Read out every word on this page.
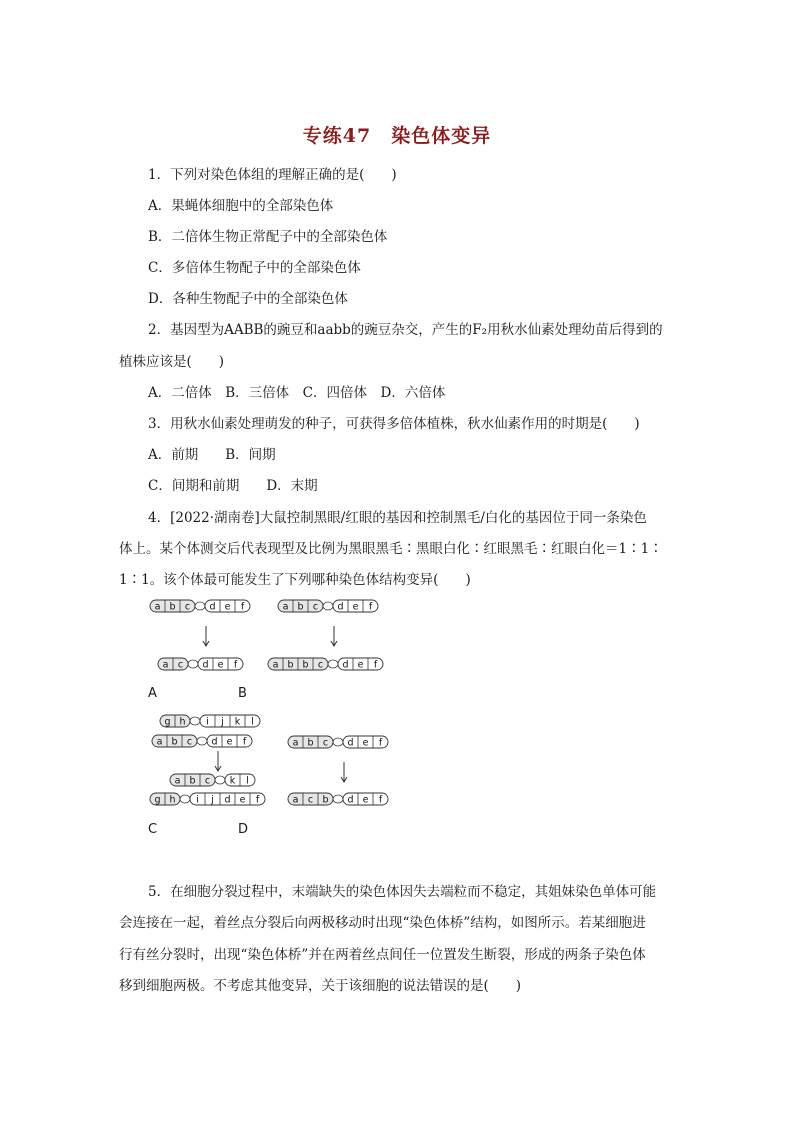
专练47　染色体变异
1．下列对染色体组的理解正确的是(　　)
A．果蝇体细胞中的全部染色体
B．二倍体生物正常配子中的全部染色体
C．多倍体生物配子中的全部染色体
D．各种生物配子中的全部染色体
2．基因型为AABB的豌豆和aabb的豌豆杂交，产生的F₂用秋水仙素处理幼苗后得到的
植株应该是(　　)
A．二倍体　B．三倍体　C．四倍体　D．六倍体
3．用秋水仙素处理萌发的种子，可获得多倍体植株，秋水仙素作用的时期是(　　)
A．前期　　B．间期
C．间期和前期　　D．末期
4．[2022·湖南卷]大鼠控制黑眼/红眼的基因和控制黑毛/白化的基因位于同一条染色
体上。某个体测交后代表现型及比例为黑眼黑毛∶黑眼白化∶红眼黑毛∶红眼白化＝1∶1∶
1∶1。该个体最可能发生了下列哪种染色体结构变异(　　)
a b c d e f
a c d e f
a b c d e f
a b b c d e f
g h i j k l
a b c d e f
a b c k l
g h i j d e f
a b c d e f
a c b d e f
A	B
C	D
5．在细胞分裂过程中，末端缺失的染色体因失去端粒而不稳定，其姐妹染色单体可能
会连接在一起，着丝点分裂后向两极移动时出现“染色体桥”结构，如图所示。若某细胞进
行有丝分裂时，出现“染色体桥”并在两着丝点间任一位置发生断裂，形成的两条子染色体
移到细胞两极。不考虑其他变异，关于该细胞的说法错误的是(　　)
